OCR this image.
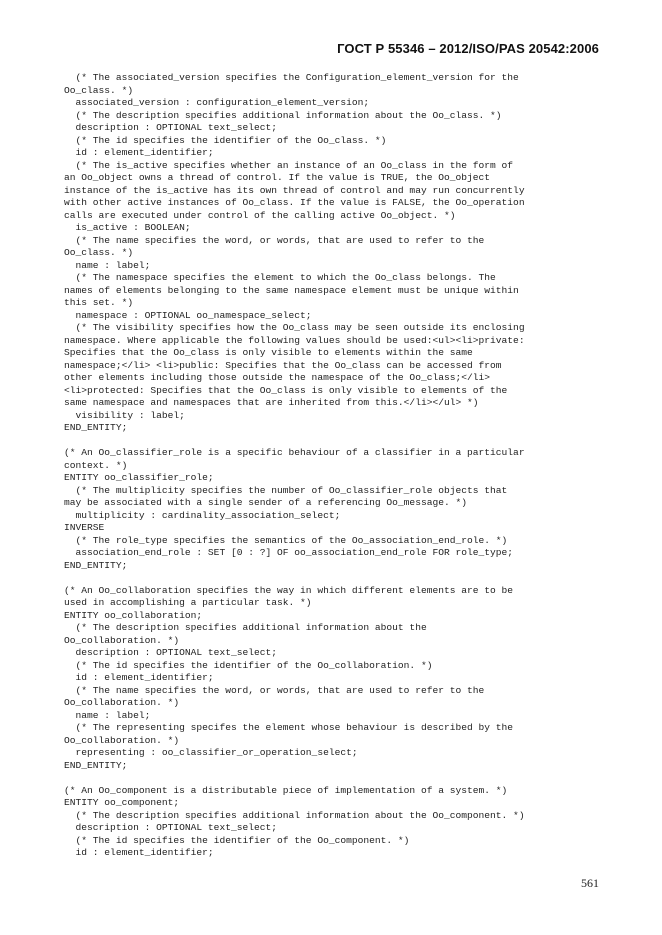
ГОСТ Р 55346 – 2012/ISO/PAS 20542:2006
(* The associated_version specifies the Configuration_element_version for the
Oo_class. *)
associated_version : configuration_element_version;
(* The description specifies additional information about the Oo_class. *)
description : OPTIONAL text_select;
(* The id specifies the identifier of the Oo_class. *)
id : element_identifier;
(* The is_active specifies whether an instance of an Oo_class in the form of
an Oo_object owns a thread of control. If the value is TRUE, the Oo_object
instance of the is_active has its own thread of control and may run concurrently
with other active instances of Oo_class. If the value is FALSE, the Oo_operation
calls are executed under control of the calling active Oo_object. *)
is_active : BOOLEAN;
(* The name specifies the word, or words, that are used to refer to the
Oo_class. *)
name : label;
(* The namespace specifies the element to which the Oo_class belongs. The
names of elements belonging to the same namespace element must be unique within
this set. *)
namespace : OPTIONAL oo_namespace_select;
(* The visibility specifies how the Oo_class may be seen outside its enclosing
namespace. Where applicable the following values should be used:<ul><li>private:
Specifies that the Oo_class is only visible to elements within the same
namespace;</li> <li>public: Specifies that the Oo_class can be accessed from
other elements including those outside the namespace of the Oo_class;</li>
<li>protected: Specifies that the Oo_class is only visible to elements of the
same namespace and namespaces that are inherited from this.</li></ul> *)
visibility : label;
END_ENTITY;
(* An Oo_classifier_role is a specific behaviour of a classifier in a particular
context. *)
ENTITY oo_classifier_role;
(* The multiplicity specifies the number of Oo_classifier_role objects that
may be associated with a single sender of a referencing Oo_message. *)
multiplicity : cardinality_association_select;
INVERSE
(* The role_type specifies the semantics of the Oo_association_end_role. *)
association_end_role : SET [0 : ?] OF oo_association_end_role FOR role_type;
END_ENTITY;
(* An Oo_collaboration specifies the way in which different elements are to be
used in accomplishing a particular task. *)
ENTITY oo_collaboration;
(* The description specifies additional information about the
Oo_collaboration. *)
description : OPTIONAL text_select;
(* The id specifies the identifier of the Oo_collaboration. *)
id : element_identifier;
(* The name specifies the word, or words, that are used to refer to the
Oo_collaboration. *)
name : label;
(* The representing specifes the element whose behaviour is described by the
Oo_collaboration. *)
representing : oo_classifier_or_operation_select;
END_ENTITY;
(* An Oo_component is a distributable piece of implementation of a system. *)
ENTITY oo_component;
(* The description specifies additional information about the Oo_component. *)
description : OPTIONAL text_select;
(* The id specifies the identifier of the Oo_component. *)
id : element_identifier;
561
